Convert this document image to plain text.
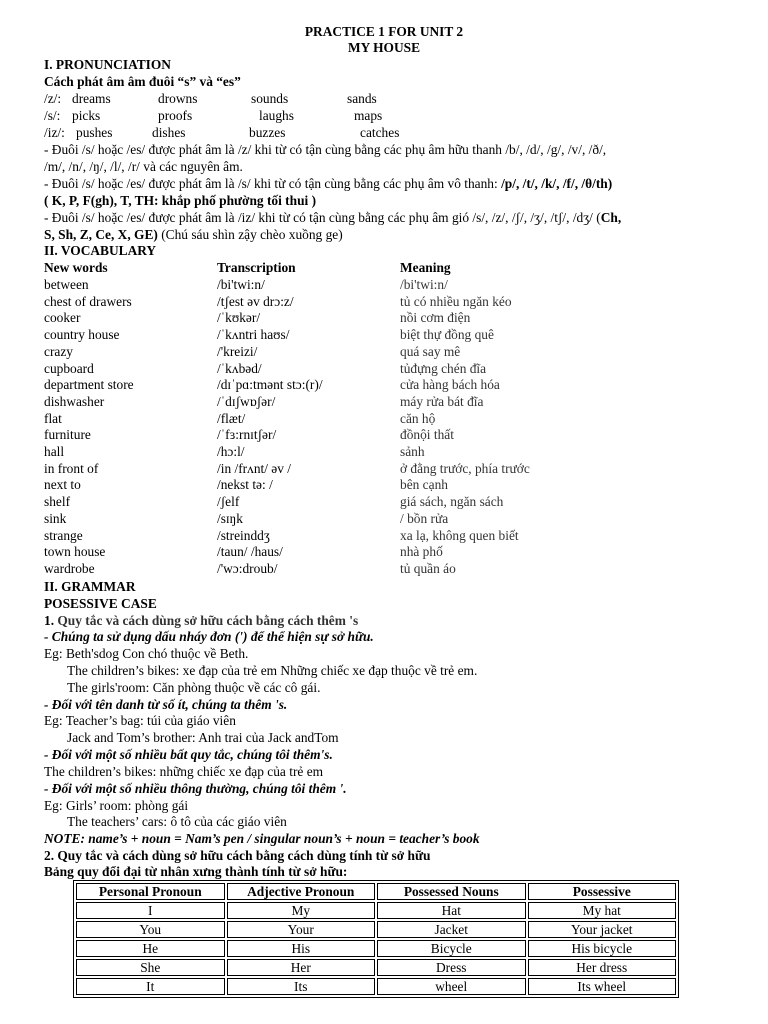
PRACTICE 1 FOR UNIT 2
MY HOUSE
I. PRONUNCIATION
Cách phát âm âm đuôi “s” và “es”
/z/: dreams	drowns	sounds	sands
/s/: picks	proofs	laughs	maps
/iz/: pushes	dishes	buzzes	catches
- Đuôi /s/ hoặc /es/ được phát âm là /z/ khi từ có tận cùng bằng các phụ âm hữu thanh /b/, /d/, /g/, /v/, /ð/,
/m/, /n/, /ŋ/, /l/, /r/ và các nguyên âm.
- Đuôi /s/ hoặc /es/ được phát âm là /s/ khi từ có tận cùng bằng các phụ âm vô thanh: /p/, /t/, /k/, /f/, /θ/th)
( K, P, F(gh), T, TH: khắp phố phường tối thui )
- Đuôi /s/ hoặc /es/ được phát âm là /iz/ khi từ có tận cùng bằng các phụ âm gió /s/, /z/, /ʃ/, /ʒ/, /tʃ/, /dʒ/ (Ch,
S, Sh, Z, Ce, X, GE) (Chú sáu shìn zậy chèo xuồng ge)
II. VOCABULARY
New words	Transcription	Meaning
between	/bi'twi:n/	/bi'twi:n/
chest of drawers	/tʃest əv drɔ:z/	tủ có nhiều ngăn kéo
cooker	/ˈkʊkər/	nồi cơm điện
country house	/ˈkʌntri haʊs/	biệt thự đồng quê
crazy	/'kreizi/	quá say mê
cupboard	/ˈkʌbəd/	tủđựng chén đĩa
department store	/dɪˈpɑ:tmənt stɔ:(r)/	cửa hàng bách hóa
dishwasher	/ˈdɪʃwɒʃər/	máy rửa bát đĩa
flat	/flæt/	căn hộ
furniture	/ˈfɜ:rnɪtʃər/	đồnội thất
hall	/hɔ:l/	sảnh
in front of	/in /frʌnt/ əv /	ở đằng trước, phía trước
next to	/nekst tə: /	bên cạnh
shelf	/ʃelf	giá sách, ngăn sách
sink	/sɪŋk	/ bồn rửa
strange	/streinddʒ	xa lạ, không quen biết
town house	/taun/ /haus/	nhà phố
wardrobe	/'wɔ:droub/	tủ quần áo
II. GRAMMAR
POSESSIVE CASE
1. Quy tắc và cách dùng sở hữu cách bằng cách thêm 's
- Chúng ta sử dụng dấu nháy đơn (') để thể hiện sự sở hữu.
Eg: Beth'sdog Con chó thuộc về Beth.
The children’s bikes: xe đạp của trẻ em Những chiếc xe đạp thuộc về trẻ em.
The girls'room: Căn phòng thuộc về các cô gái.
- Đối với tên danh từ số ít, chúng ta thêm 's.
Eg: Teacher’s bag: túi của giáo viên
Jack and Tom’s brother: Anh trai của Jack andTom
- Đối với một số nhiều bất quy tắc, chúng tôi thêm's.
The children’s bikes: những chiếc xe đạp của trẻ em
- Đối với một số nhiều thông thường, chúng tôi thêm '.
Eg: Girls’ room: phòng gái
The teachers’ cars: ô tô của các giáo viên
NOTE: name’s + noun = Nam’s pen / singular noun’s + noun = teacher’s book
2. Quy tắc và cách dùng sở hữu cách bằng cách dùng tính từ sở hữu
Bảng quy đổi đại từ nhân xưng thành tính từ sở hữu:
Personal Pronoun	Adjective Pronoun	Possessed Nouns	Possessive
I	My	Hat	My hat
You	Your	Jacket	Your jacket
He	His	Bicycle	His bicycle
She	Her	Dress	Her dress
It	Its	wheel	Its wheel
